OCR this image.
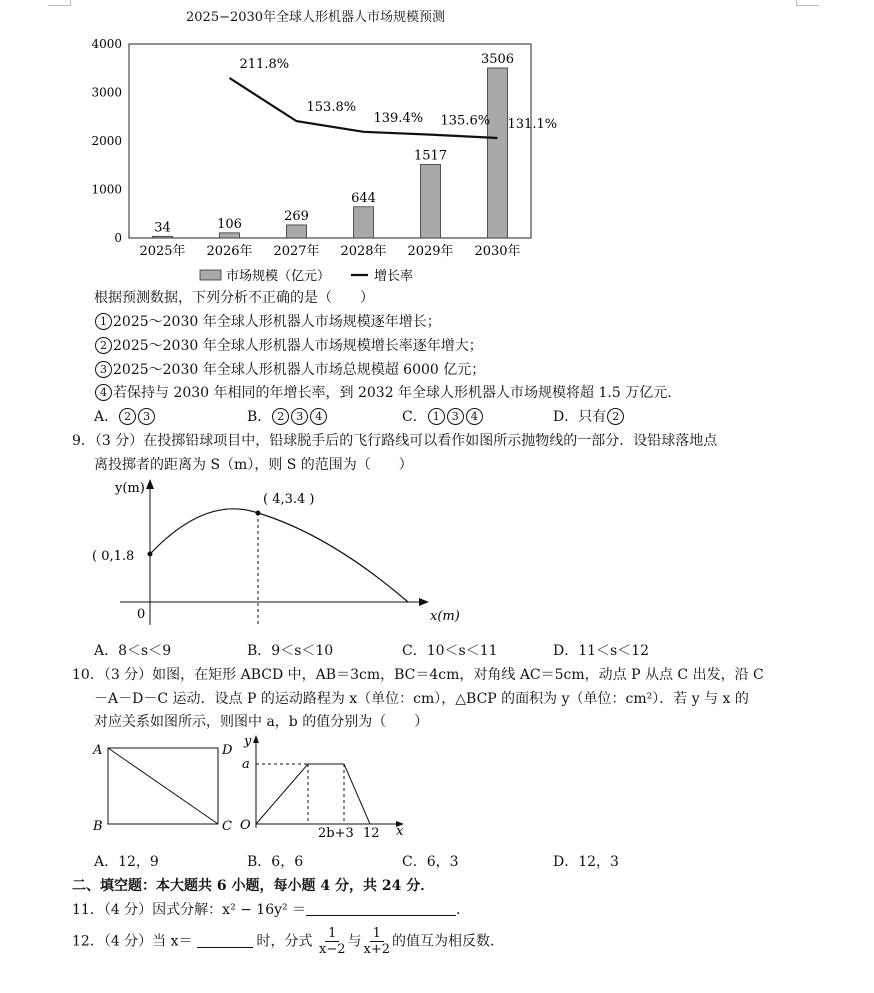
2025−2030年全球人形机器人市场规模预测
4000
3000
2000
1000
0
34	106
269
644
1517
3506
2025年 2026年 2027年 2028年 2029年 2030年
211.8%
153.8%
139.4% 135.6% 131.1%
市场规模（亿元）	增长率
根据预测数据，下列分析不正确的是（　　）
1 2025～2030 年全球人形机器人市场规模逐年增长；
2 2025～2030 年全球人形机器人市场规模增长率逐年增大；
3 2025～2030 年全球人形机器人市场总规模超 6000 亿元；
4 若保持与 2030 年相同的年增长率，到 2032 年全球人形机器人市场规模将超 1.5 万亿元.
A． 2 3	B． 2 3 4	C． 1 3 4	D．只有 2
9．（3 分）在投掷铅球项目中，铅球脱手后的飞行路线可以看作如图所示抛物线的一部分．设铅球落地点
离投掷者的距离为 S（m），则 S 的范围为（　　）
y(m)
x(m)
0
( 4,3.4 )
( 0,1.8
A．8＜s＜9	B．9＜s＜10	C．10＜s＜11	D．11＜s＜12
10．（3 分）如图，在矩形 ABCD 中，AB＝3cm，BC＝4cm，对角线 AC＝5cm，动点 P 从点 C 出发，沿 C
－A－D－C 运动．设点 P 的运动路程为 x（单位：cm），△BCP 的面积为 y（单位：cm²）．若 y 与 x 的
对应关系如图所示，则图中 a，b 的值分别为（　　）
A
B	C
D
y
a
O
2b+3 12 x
A．12，9	B．6，6	C．6，3	D．12，3
二、填空题：本大题共 6 小题，每小题 4 分，共 24 分．
11．（4 分）因式分解：x² − 16y² ＝	．
12．（4 分）当 x＝	时，分式 $\frac{1}{x-2}$ 与 $\frac{1}{x+2}$ 的值互为相反数.
